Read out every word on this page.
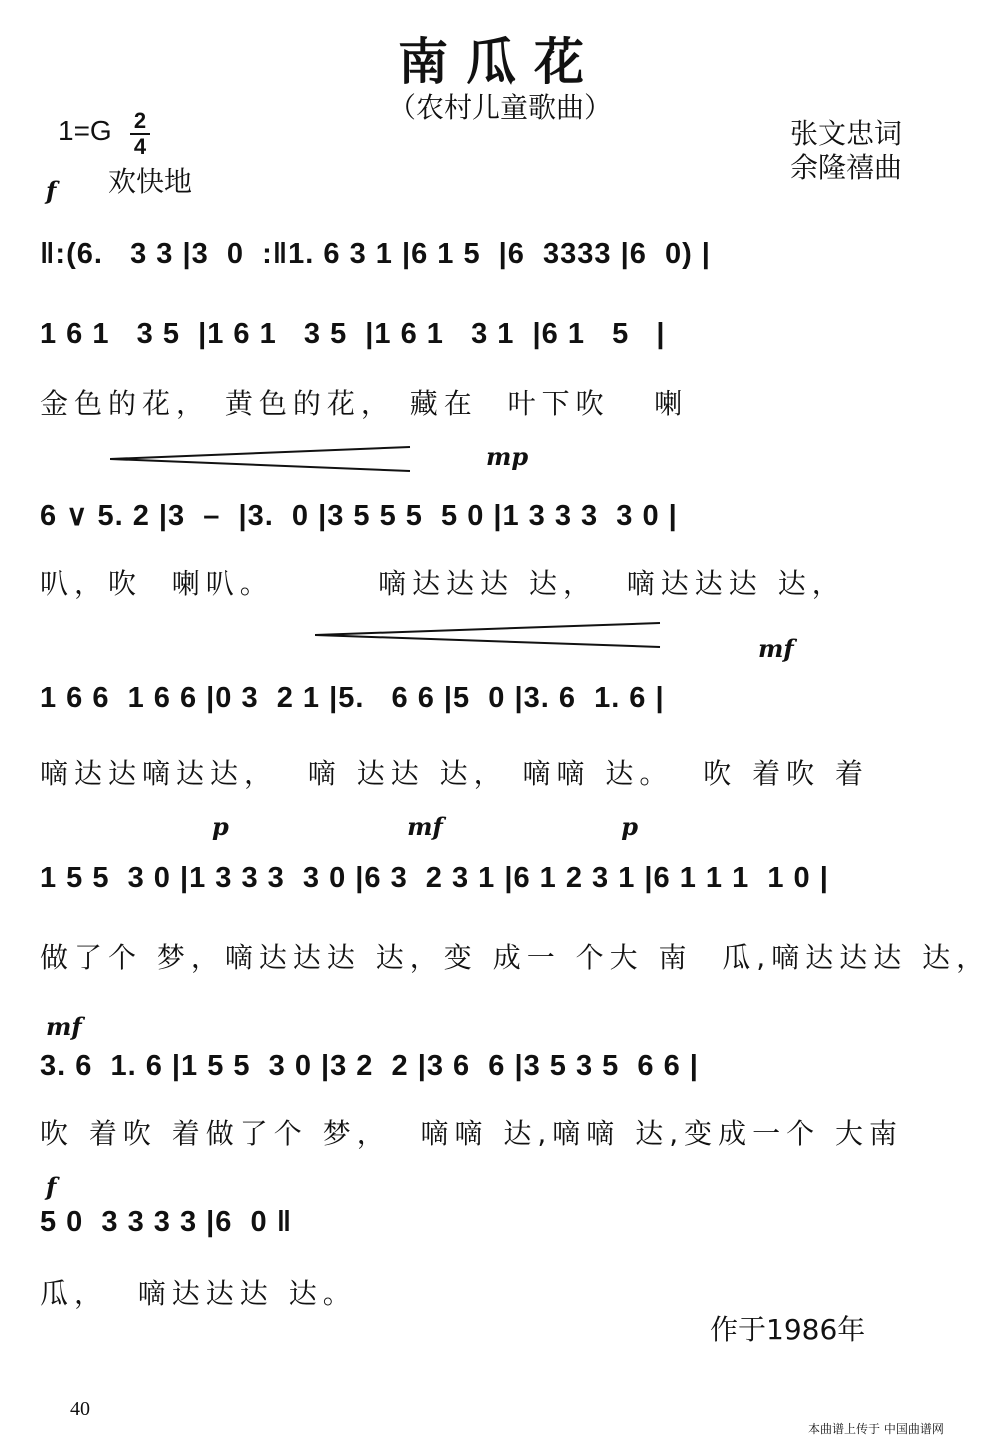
南瓜花
（农村儿童歌曲）
1=G 2
4
欢快地
张文忠词
余隆禧曲
f
‖:(6.   3 3 |3  0  :‖1. 6 3 1 |6 1 5  |6  3333 |6  0) |
1 6 1   3 5  |1 6 1   3 5  |1 6 1   3 1  |6 1   5   |
金色的花， 黄色的花， 藏在  叶下吹   喇
mp
6 ∨ 5. 2 |3  –  |3.  0 |3 5 5 5  5 0 |1 3 3 3  3 0 |
叭，吹  喇叭。       嘀达达达 达，  嘀达达达 达，
mf
1 6 6  1 6 6 |0 3  2 1 |5.   6 6 |5  0 |3. 6  1. 6 |
嘀达达嘀达达，  嘀 达达 达， 嘀嘀 达。  吹 着吹 着
p mf p
1 5 5  3 0 |1 3 3 3  3 0 |6 3  2 3 1 |6 1 2 3 1 |6 1 1 1  1 0 |
做了个 梦，嘀达达达 达，变 成一 个大 南  瓜,嘀达达达 达，
mf
3. 6  1. 6 |1 5 5  3 0 |3 2  2 |3 6  6 |3 5 3 5  6 6 |
吹 着吹 着做了个 梦，  嘀嘀 达,嘀嘀 达,变成一个 大南
f
5 0  3 3 3 3 |6  0 ‖
瓜，  嘀达达达 达。
作于1986年
40
本曲谱上传于 中国曲谱网
